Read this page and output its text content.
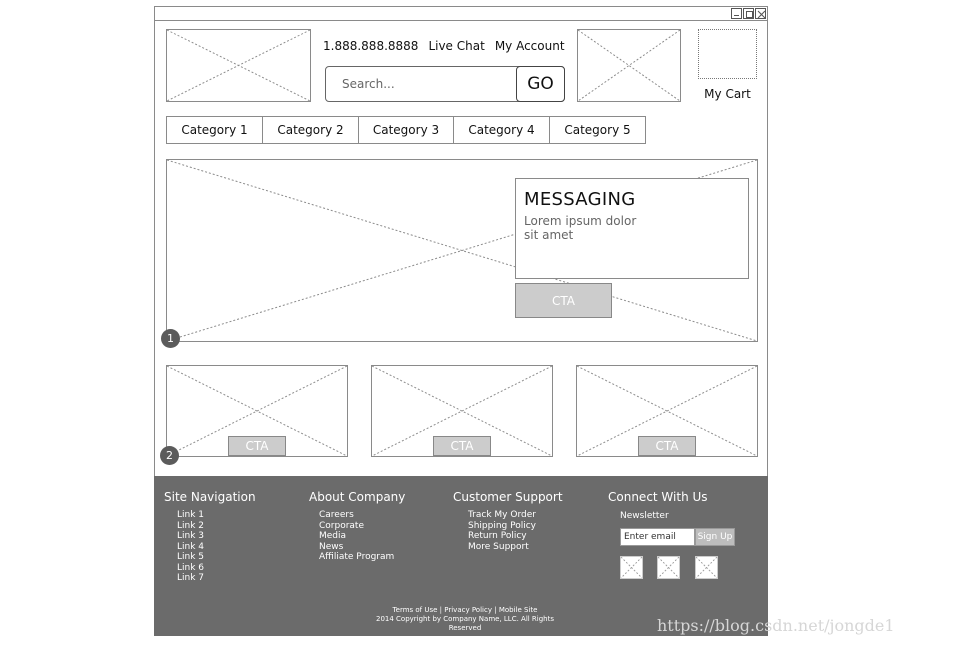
1.888.888.8888 Live Chat My Account
Search...
GO	My Cart
Category 1	Category 2	Category 3	Category 4	Category 5
MESSAGING

Lorem ipsum dolor sit amet

CTA
1
CTA	CTA	CTA
2
Site Navigation
Link 1
Link 2
Link 3
Link 4
Link 5
Link 6
Link 7
About Company
Careers
Corporate
Media
News
Affiliate Program
Customer Support
Track My Order
Shipping Policy
Return Policy
More Support
Connect With Us
Newsletter
Enter email
Sign Up
Terms of Use | Privacy Policy | Mobile Site
2014 Copyright by Company Name, LLC. All Rights Reserved	https://blog.csdn.net/jongde1
